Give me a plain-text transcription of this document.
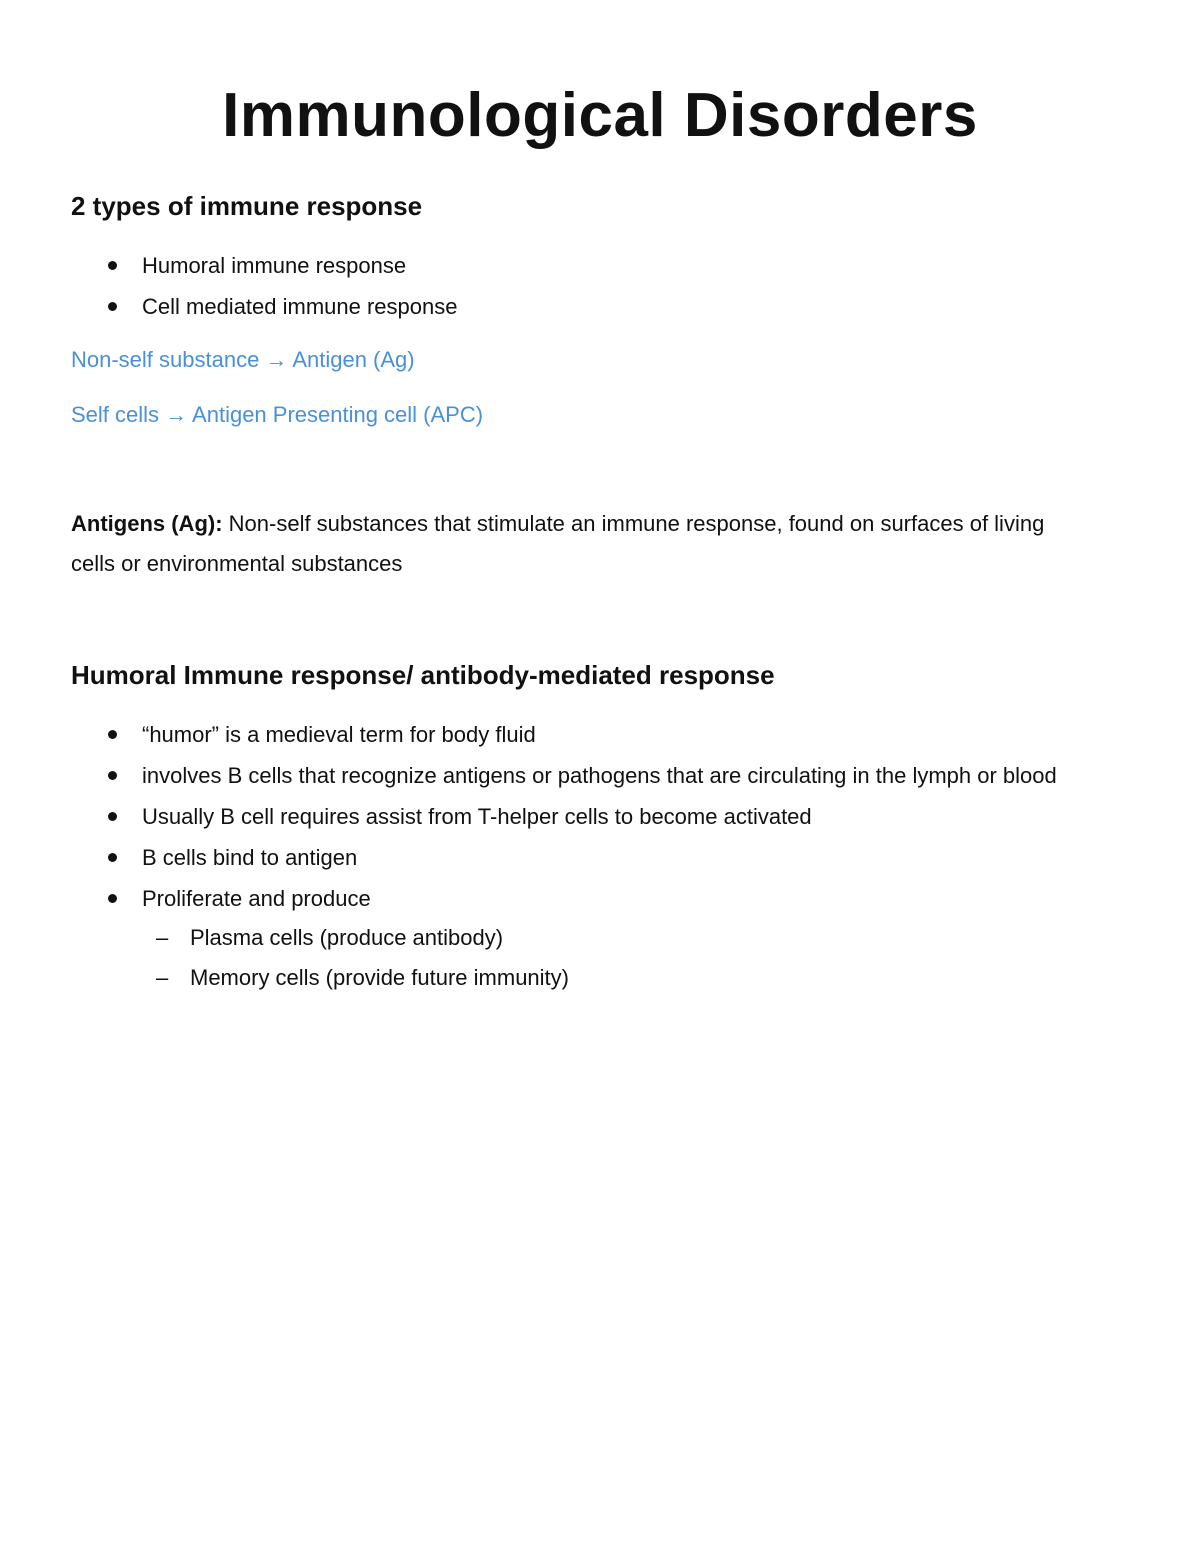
Immunological Disorders
2 types of immune response
Humoral immune response
Cell mediated immune response

Non-self substance → Antigen (Ag)

Self cells → Antigen Presenting cell (APC)

Antigens (Ag): Non-self substances that stimulate an immune response, found on surfaces of living cells or environmental substances

Humoral Immune response/ antibody-mediated response
“humor” is a medieval term for body fluid
involves B cells that recognize antigens or pathogens that are circulating in the lymph or blood
Usually B cell requires assist from T-helper cells to become activated
B cells bind to antigen
Proliferate and produce
– Plasma cells (produce antibody)
– Memory cells (provide future immunity)
